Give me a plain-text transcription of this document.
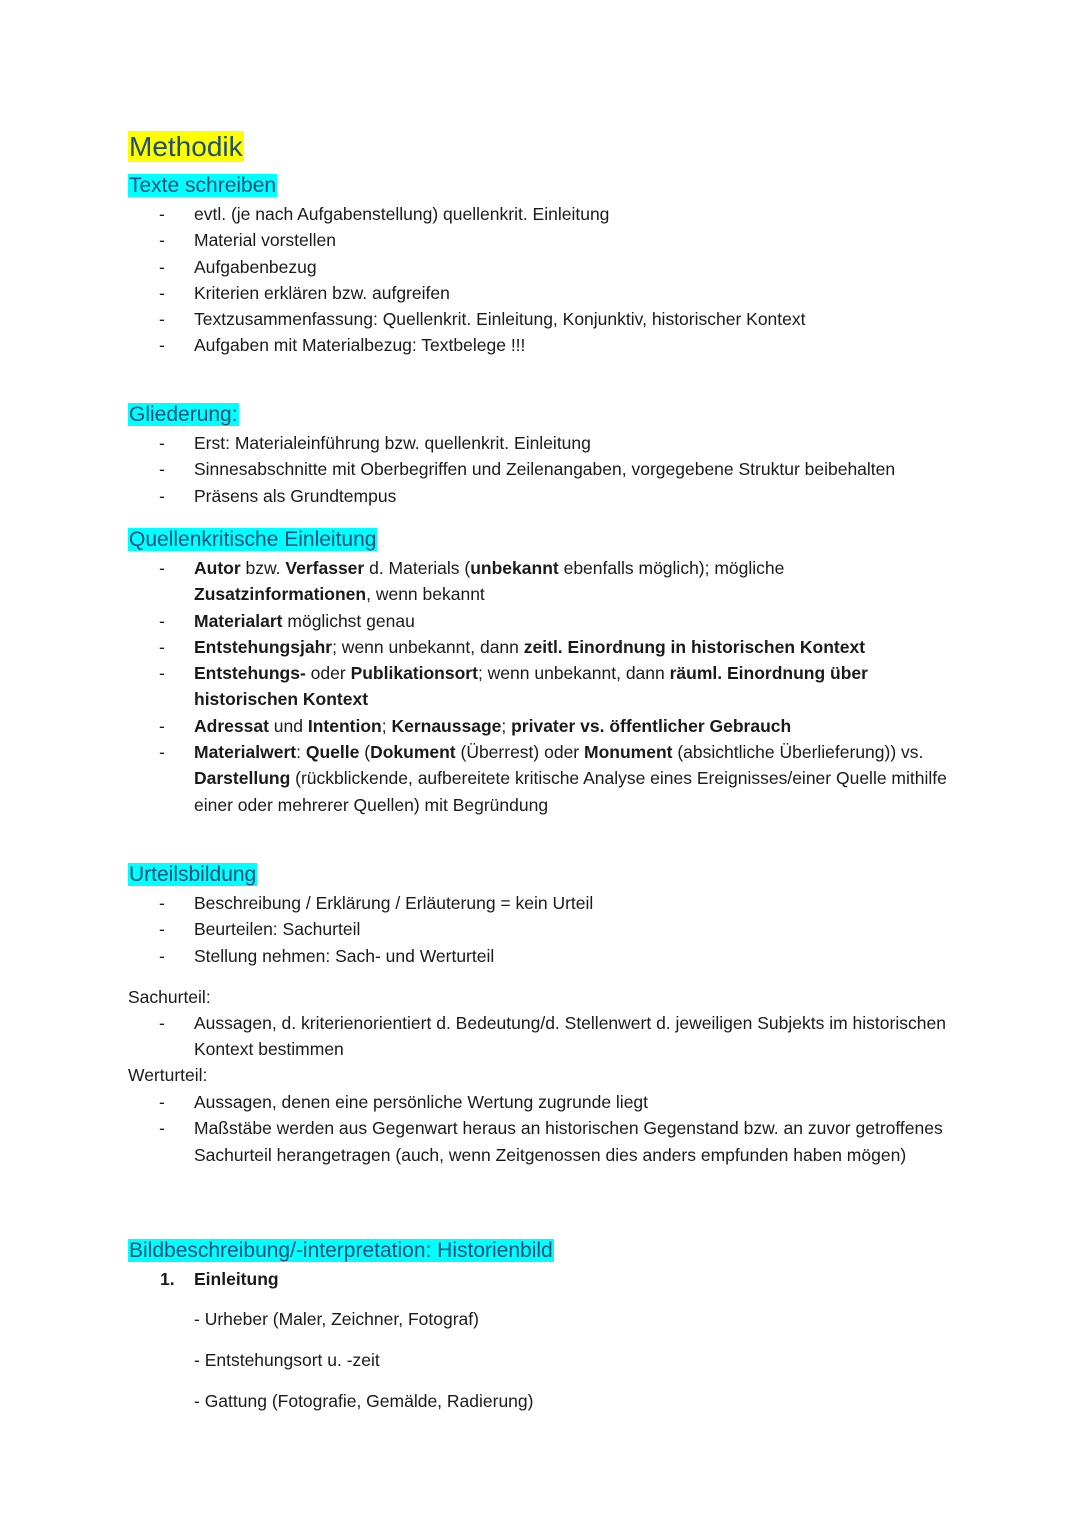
Methodik
Texte schreiben
- evtl. (je nach Aufgabenstellung) quellenkrit. Einleitung
- Material vorstellen
- Aufgabenbezug
- Kriterien erklären bzw. aufgreifen
- Textzusammenfassung: Quellenkrit. Einleitung, Konjunktiv, historischer Kontext
- Aufgaben mit Materialbezug: Textbelege !!!
Gliederung:
- Erst: Materialeinführung bzw. quellenkrit. Einleitung
- Sinnesabschnitte mit Oberbegriffen und Zeilenangaben, vorgegebene Struktur beibehalten
- Präsens als Grundtempus
Quellenkritische Einleitung
- Autor bzw. Verfasser d. Materials (unbekannt ebenfalls möglich); mögliche Zusatzinformationen, wenn bekannt
- Materialart möglichst genau
- Entstehungsjahr; wenn unbekannt, dann zeitl. Einordnung in historischen Kontext
- Entstehungs- oder Publikationsort; wenn unbekannt, dann räuml. Einordnung über historischen Kontext
- Adressat und Intention; Kernaussage; privater vs. öffentlicher Gebrauch
- Materialwert: Quelle (Dokument (Überrest) oder Monument (absichtliche Überlieferung)) vs. Darstellung (rückblickende, aufbereitete kritische Analyse eines Ereignisses/einer Quelle mithilfe einer oder mehrerer Quellen) mit Begründung
Urteilsbildung
- Beschreibung / Erklärung / Erläuterung = kein Urteil
- Beurteilen: Sachurteil
- Stellung nehmen: Sach- und Werturteil
Sachurteil:
- Aussagen, d. kriterienorientiert d. Bedeutung/d. Stellenwert d. jeweiligen Subjekts im historischen Kontext bestimmen
Werturteil:
- Aussagen, denen eine persönliche Wertung zugrunde liegt
- Maßstäbe werden aus Gegenwart heraus an historischen Gegenstand bzw. an zuvor getroffenes Sachurteil herangetragen (auch, wenn Zeitgenossen dies anders empfunden haben mögen)
Bildbeschreibung/-interpretation: Historienbild
1. Einleitung
- Urheber (Maler, Zeichner, Fotograf)
- Entstehungsort u. -zeit
- Gattung (Fotografie, Gemälde, Radierung)
